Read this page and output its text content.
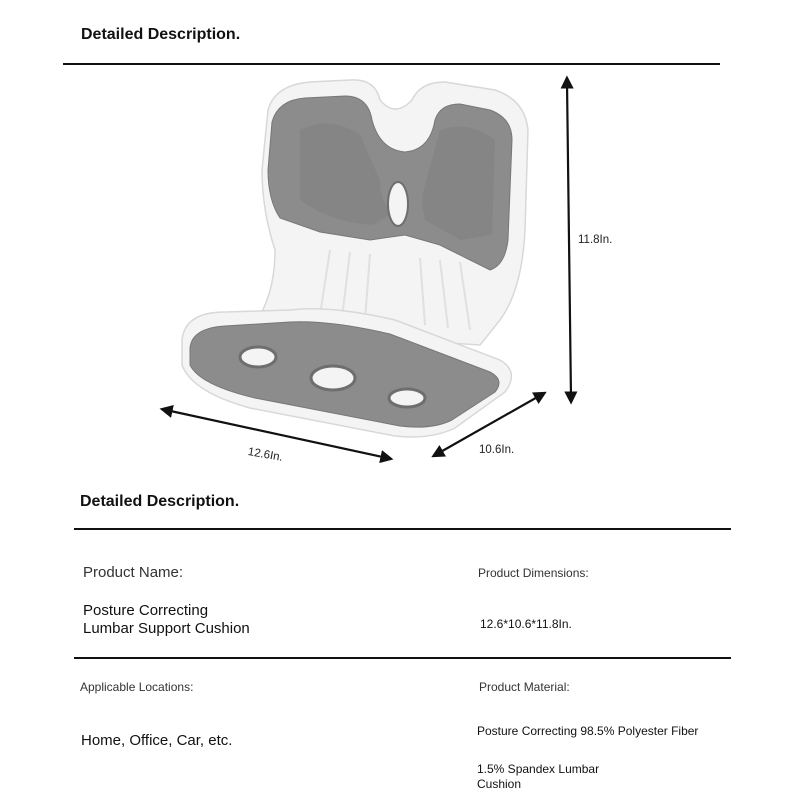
Detailed Description.
11.8In.
12.6In.	10.6In.
Detailed Description.
Product Name:
Posture Correcting
Lumbar Support Cushion
Product Dimensions:
12.6*10.6*11.8In.
Applicable Locations:
Home, Office, Car, etc.
Product Material:
Posture Correcting 98.5% Polyester Fiber
1.5% Spandex Lumbar
Cushion
